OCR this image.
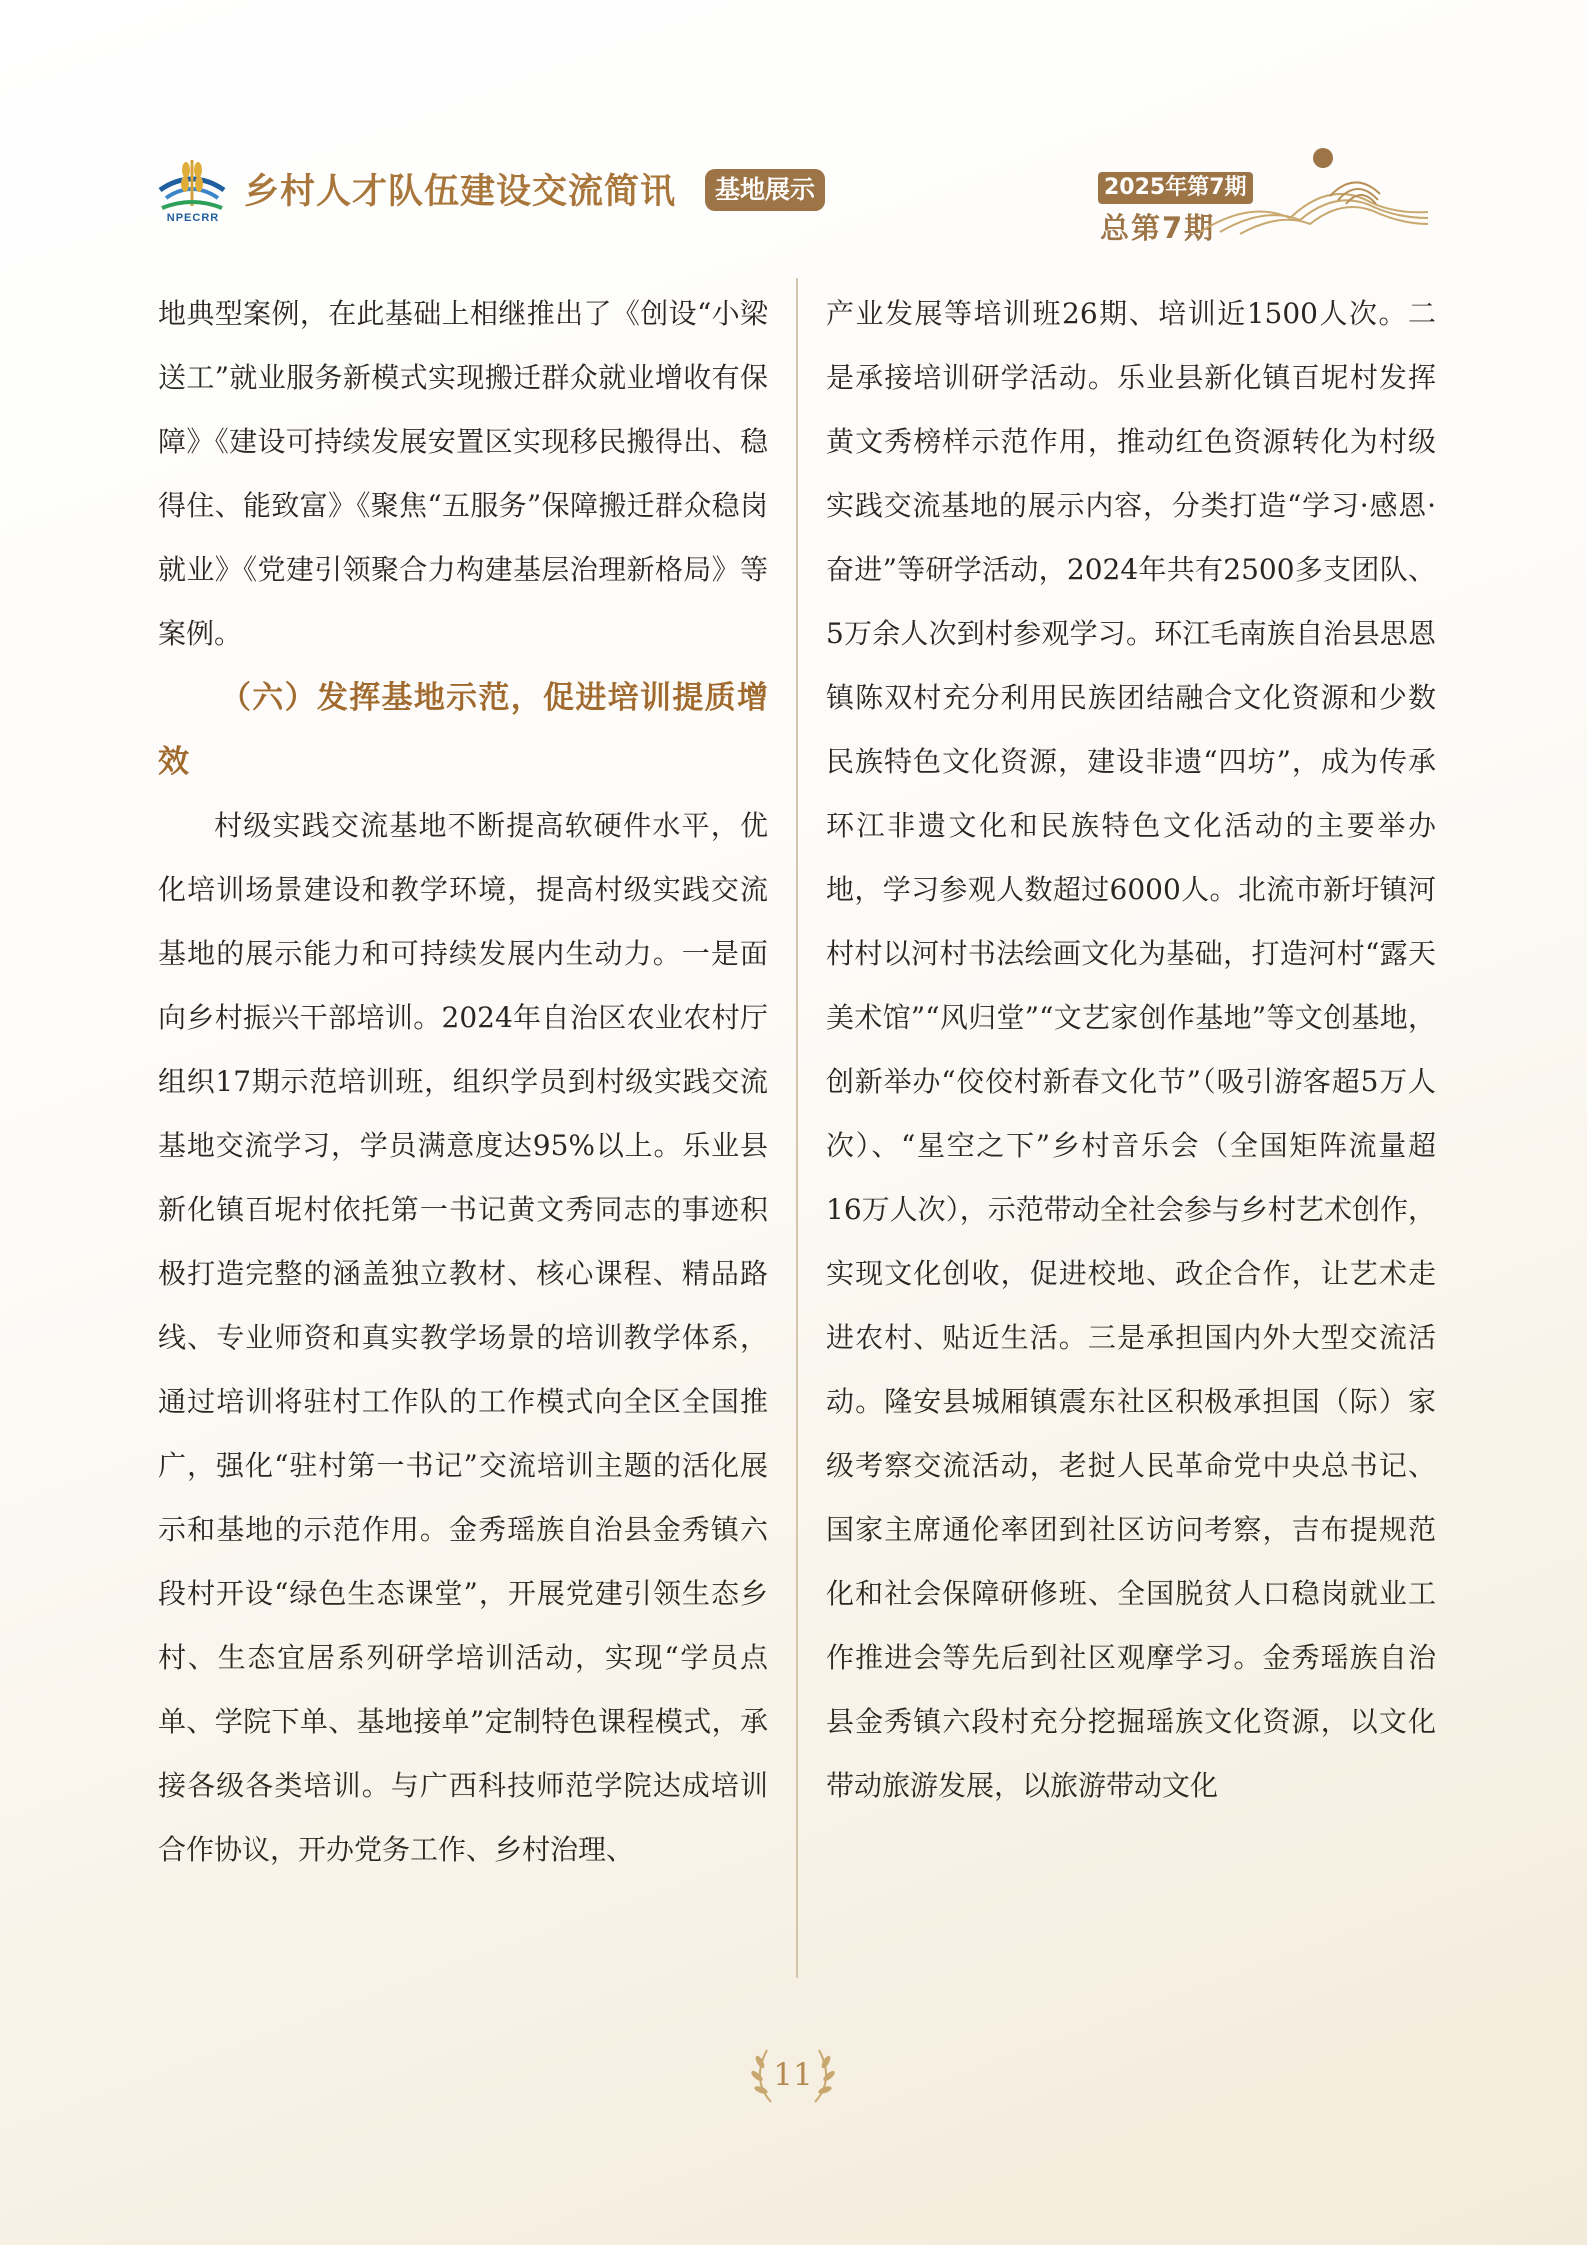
NPECRR
乡村人才队伍建设交流简讯	基地展示	2025年第7期
总第7期

地典型案例，在此基础上相继推出了《创设“小梁送工”就业服务新模式实现搬迁群众就业增收有保障》《建设可持续发展安置区实现移民搬得出、稳得住、能致富》《聚焦“五服务”保障搬迁群众稳岗就业》《党建引领聚合力构建基层治理新格局》等案例。

（六）发挥基地示范，促进培训提质增效

村级实践交流基地不断提高软硬件水平，优化培训场景建设和教学环境，提高村级实践交流基地的展示能力和可持续发展内生动力。一是面向乡村振兴干部培训。2024年自治区农业农村厅组织17期示范培训班，组织学员到村级实践交流基地交流学习，学员满意度达95%以上。乐业县新化镇百坭村依托第一书记黄文秀同志的事迹积极打造完整的涵盖独立教材、核心课程、精品路线、专业师资和真实教学场景的培训教学体系，通过培训将驻村工作队的工作模式向全区全国推广，强化“驻村第一书记”交流培训主题的活化展示和基地的示范作用。金秀瑶族自治县金秀镇六段村开设“绿色生态课堂”，开展党建引领生态乡村、生态宜居系列研学培训活动，实现“学员点单、学院下单、基地接单”定制特色课程模式，承接各级各类培训。与广西科技师范学院达成培训合作协议，开办党务工作、乡村治理、

产业发展等培训班26期、培训近1500人次。二是承接培训研学活动。乐业县新化镇百坭村发挥黄文秀榜样示范作用，推动红色资源转化为村级实践交流基地的展示内容，分类打造“学习·感恩·奋进”等研学活动，2024年共有2500多支团队、5万余人次到村参观学习。环江毛南族自治县思恩镇陈双村充分利用民族团结融合文化资源和少数民族特色文化资源，建设非遗“四坊”，成为传承环江非遗文化和民族特色文化活动的主要举办地，学习参观人数超过6000人。北流市新圩镇河村村以河村书法绘画文化为基础，打造河村“露天美术馆”“风归堂”“文艺家创作基地”等文创基地，创新举办“佼佼村新春文化节”（吸引游客超5万人次）、“星空之下”乡村音乐会（全国矩阵流量超16万人次），示范带动全社会参与乡村艺术创作，实现文化创收，促进校地、政企合作，让艺术走进农村、贴近生活。三是承担国内外大型交流活动。隆安县城厢镇震东社区积极承担国（际）家级考察交流活动，老挝人民革命党中央总书记、国家主席通伦率团到社区访问考察，吉布提规范化和社会保障研修班、全国脱贫人口稳岗就业工作推进会等先后到社区观摩学习。金秀瑶族自治县金秀镇六段村充分挖掘瑶族文化资源，以文化带动旅游发展，以旅游带动文化

11
